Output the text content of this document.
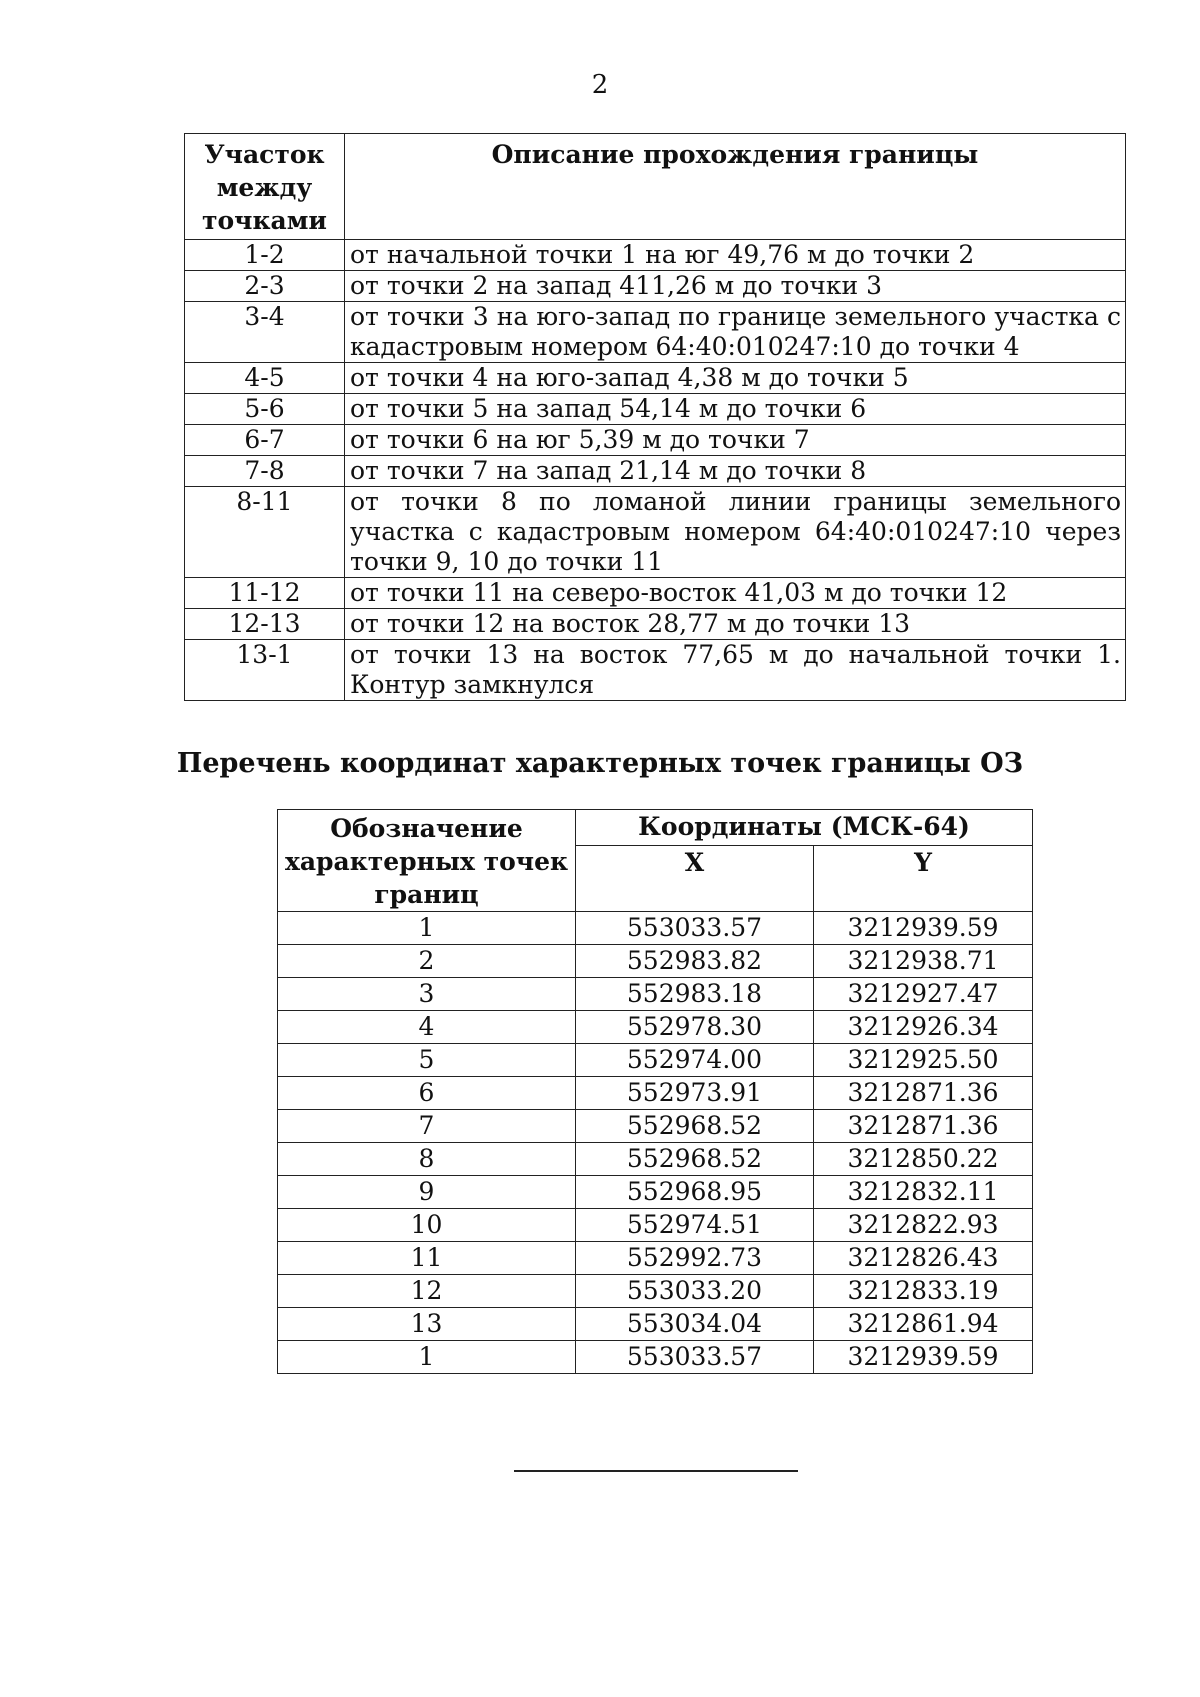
2
Участок между точками	Описание прохождения границы
1-2	от начальной точки 1 на юг 49,76 м до точки 2
2-3	от точки 2 на запад 411,26 м до точки 3
3-4	от точки 3 на юго-запад по границе земельного участка с кадастровым номером 64:40:010247:10 до точки 4
4-5	от точки 4 на юго-запад 4,38 м до точки 5
5-6	от точки 5 на запад 54,14 м до точки 6
6-7	от точки 6 на юг 5,39 м до точки 7
7-8	от точки 7 на запад 21,14 м до точки 8
8-11	от точки 8 по ломаной линии границы земельного участка с кадастровым номером 64:40:010247:10 через точки 9, 10 до точки 11
11-12	от точки 11 на северо-восток 41,03 м до точки 12
12-13	от точки 12 на восток 28,77 м до точки 13
13-1	от точки 13 на восток 77,65 м до начальной точки 1. Контур замкнулся
Перечень координат характерных точек границы ОЗ
Обозначение характерных точек границ	Координаты (МСК-64)	
	X	Y
1	553033.57	3212939.59
2	552983.82	3212938.71
3	552983.18	3212927.47
4	552978.30	3212926.34
5	552974.00	3212925.50
6	552973.91	3212871.36
7	552968.52	3212871.36
8	552968.52	3212850.22
9	552968.95	3212832.11
10	552974.51	3212822.93
11	552992.73	3212826.43
12	553033.20	3212833.19
13	553034.04	3212861.94
1	553033.57	3212939.59
